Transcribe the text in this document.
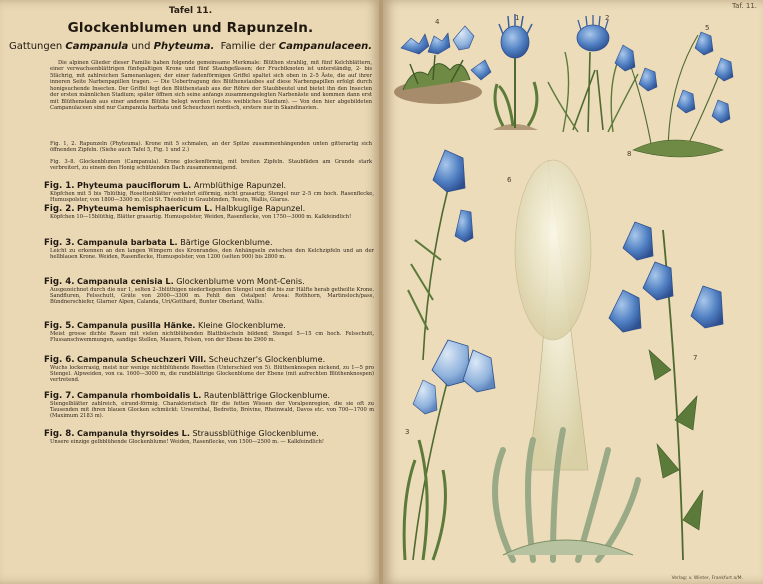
Tafel 11.
Glockenblumen und Rapunzeln.
Gattungen Campanula und Phyteuma. Familie der Campanulaceen.
Die alpinen Glieder dieser Familie haben folgende gemeinsame Merkmale: Blüthen strahlig, mit fünf Kelchblättern, einer verwachsenblättrigen fünfspaltigen Krone und fünf Staubgefässen; der Fruchtknoten ist unterständig, 2- bis 5fächrig, mit zahlreichen Samenanlagen; der einer fadenförmigen Griffel spaltet sich oben in 2–5 Äste, die auf ihrer inneren Seite Narbenpapillen tragen. — Die Uebertragung des Blüthenstaubes auf diese Narbenpapillen erfolgt durch honigsuchende Insecten. Der Griffel fegt den Blüthenstaub aus der Röhre der Staubbeutel und bietet ihn den Insecten der ersten männlichen Stadium; später öffnen sich seine anfangs zusammengelegten Narbenäste und kommen dann erst mit Blüthenstaub aus einer anderen Blüthe belegt werden (erstes weibliches Stadium). — Von den hier abgebildeten Campanulaceen sind nur Campanula barbata und Scheuchzeri nordisch, erstere nur in Skandinavien.
Fig. 1, 2. Rapunzeln (Phyteuma). Krone mit 5 schmalen, an der Spitze zusammenhängenden unten gitterartig sich öffnenden Zipfeln. (Siehe auch Tafel 5, Fig. 1 und 2.)
Fig. 3–8. Glockenblumen (Campanula). Krone glockenförmig, mit breiten Zipfeln. Staubfäden am Grunde stark verbreitert, zu einem den Honig schützenden Dach zusammenneigend.
Fig. 1. Phyteuma pauciflorum L. Armblüthige Rapunzel.
Köpfchen mit 5 bis 7blüthig, Rosettenblätter verkehrt eiförmig, nicht grasartig; Stengel nur 2–5 cm hoch. Rasenflecke, Humuspolster, von 1800—3300 m. (Col St. Théodul) in Graubünden, Tessin, Wallis, Glarus.
Fig. 2. Phyteuma hemisphaericum L. Halbkuglige Rapunzel.
Köpfchen 10—15blüthig, Blätter grasartig. Humuspolster, Weiden, Rasenflecke, von 1750—3000 m. Kalkfeindlich!
Fig. 3. Campanula barbata L. Bärtige Glockenblume.
Leicht zu erkennen an den langen Wimpern des Kronrandes, den Anhängseln zwischen den Kelchzipfeln und an der hellblauen Krone. Weiden, Rasenflecke, Humuspolster, von 1200 (selten 900) bis 2800 m.
Fig. 4. Campanula cenisia L. Glockenblume vom Mont-Cenis.
Ausgezeichnet durch die nur 1, selten 2–3blüthigen niederliegenden Stengel und die bis zur Hälfte herab getheilte Krone. Sandfluren, Felsschutt, Gräte von 2000—3300 m. Fehlt den Ostalpen! Arosa: Rothhorn, Martinsloch/pass, Bündnerschiefer, Glarner Alpen, Calanda, Uri/Gotthard, Bunter Oberland, Wallis.
Fig. 5. Campanula pusilla Hänke. Kleine Glockenblume.
Meist grosse dichte Rasen mit vielen nichtblühenden Blattbüscheln bildend; Stengel 5—15 cm hoch. Felsschutt, Flussanschwemmungen, sandige Stellen, Mauern, Felsen, von der Ebene bis 2900 m.
Fig. 6. Campanula Scheuchzeri Vill. Scheuchzer's Glockenblume.
Wuchs lockerrasig, meist nur wenige nichtblühende Rosetten (Unterschied von 5). Blüthenknospen nickend, zu 1—5 pro Stengel. Alpweiden, von ca. 1600—3000 m, die rundblättrige Glockenblume der Ebene (mit aufrechten Blüthenknospen) vertretend.
Fig. 7. Campanula rhomboidalis L. Rautenblättrige Glockenblume.
Stengelblätter zahlreich, eirund-förmig. Charakteristisch für die fetten Wiesen der Voralpenregion, die sie oft zu Tausenden mit ihren blauen Glocken schmückt: Ursernthal, Bedretto, Brévine, Rheinwald, Davos etc. von 700—1700 m (Maximum 2183 m).
Fig. 8. Campanula thyrsoides L. Straussblüthige Glockenblume.
Unsere einzige gelbblühende Glockenblume! Weiden, Rasenflecke, von 1500—2500 m. — Kalkfeindlich!
Taf. 11.
4	1	2
5
6
8
7
3
Verlag: v. Winter, Frankfurt a/M.
